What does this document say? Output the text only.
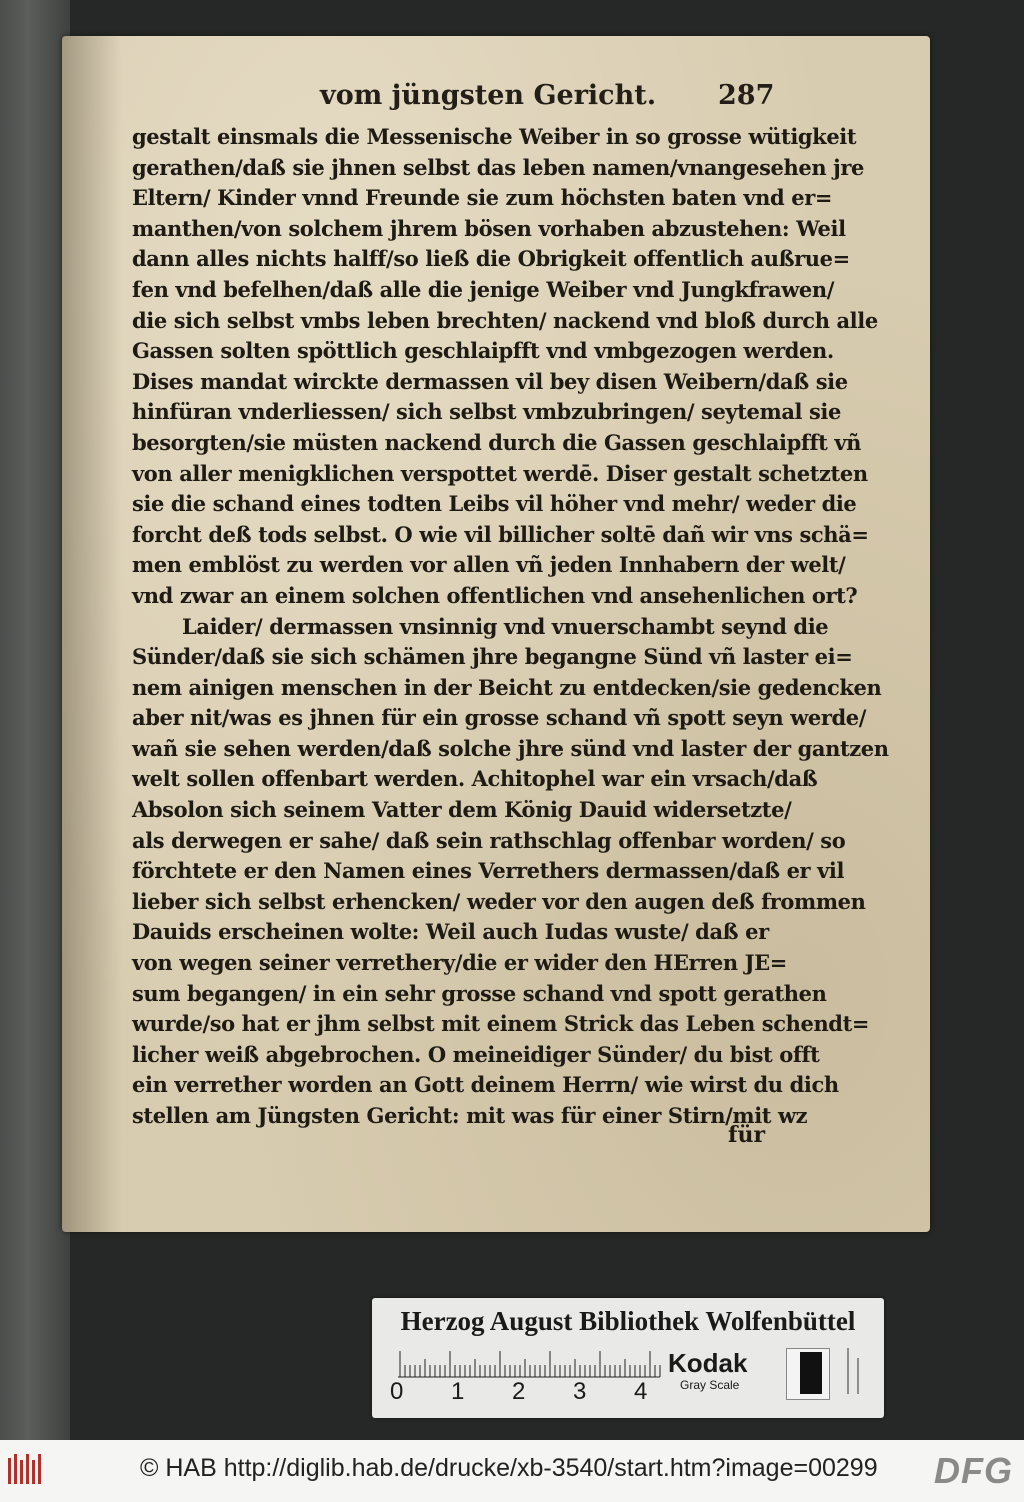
vom jüngsten Gericht.	287
gestalt einsmals die Messenische Weiber in so grosse wütigkeit
gerathen/daß sie jhnen selbst das leben namen/vnangesehen jre
Eltern/ Kinder vnnd Freunde sie zum höchsten baten vnd er=
manthen/von solchem jhrem bösen vorhaben abzustehen: Weil
dann alles nichts halff/so ließ die Obrigkeit offentlich außrue=
fen vnd befelhen/daß alle die jenige Weiber vnd Jungkfrawen/
die sich selbst vmbs leben brechten/ nackend vnd bloß durch alle
Gassen solten spöttlich geschlaipfft vnd vmbgezogen werden.
Dises mandat wirckte dermassen vil bey disen Weibern/daß sie
hinfüran vnderliessen/ sich selbst vmbzubringen/ seytemal sie
besorgten/sie müsten nackend durch die Gassen geschlaipfft vñ
von aller menigklichen verspottet werdē. Diser gestalt schetzten
sie die schand eines todten Leibs vil höher vnd mehr/ weder die
forcht deß tods selbst. O wie vil billicher soltē dañ wir vns schä=
men emblöst zu werden vor allen vñ jeden Innhabern der welt/
vnd zwar an einem solchen offentlichen vnd ansehenlichen ort?
Laider/ dermassen vnsinnig vnd vnuerschambt seynd die
Sünder/daß sie sich schämen jhre begangne Sünd vñ laster ei=
nem ainigen menschen in der Beicht zu entdecken/sie gedencken
aber nit/was es jhnen für ein grosse schand vñ spott seyn werde/
wañ sie sehen werden/daß solche jhre sünd vnd laster der gantzen
welt sollen offenbart werden. Achitophel war ein vrsach/daß
Absolon sich seinem Vatter dem König Dauid widersetzte/
als derwegen er sahe/ daß sein rathschlag offenbar worden/ so
förchtete er den Namen eines Verrethers dermassen/daß er vil
lieber sich selbst erhencken/ weder vor den augen deß frommen
Dauids erscheinen wolte: Weil auch Iudas wuste/ daß er
von wegen seiner verrethery/die er wider den HErren JE=
sum begangen/ in ein sehr grosse schand vnd spott gerathen
wurde/so hat er jhm selbst mit einem Strick das Leben schendt=
licher weiß abgebrochen. O meineidiger Sünder/ du bist offt
ein verrether worden an Gott deinem Herrn/ wie wirst du dich
stellen am Jüngsten Gericht: mit was für einer Stirn/mit wz
für
Herzog August Bibliothek Wolfenbüttel
0 1 2 3 4
Kodak
Gray Scale
© HAB http://diglib.hab.de/drucke/xb-3540/start.htm?image=00299	DFG
